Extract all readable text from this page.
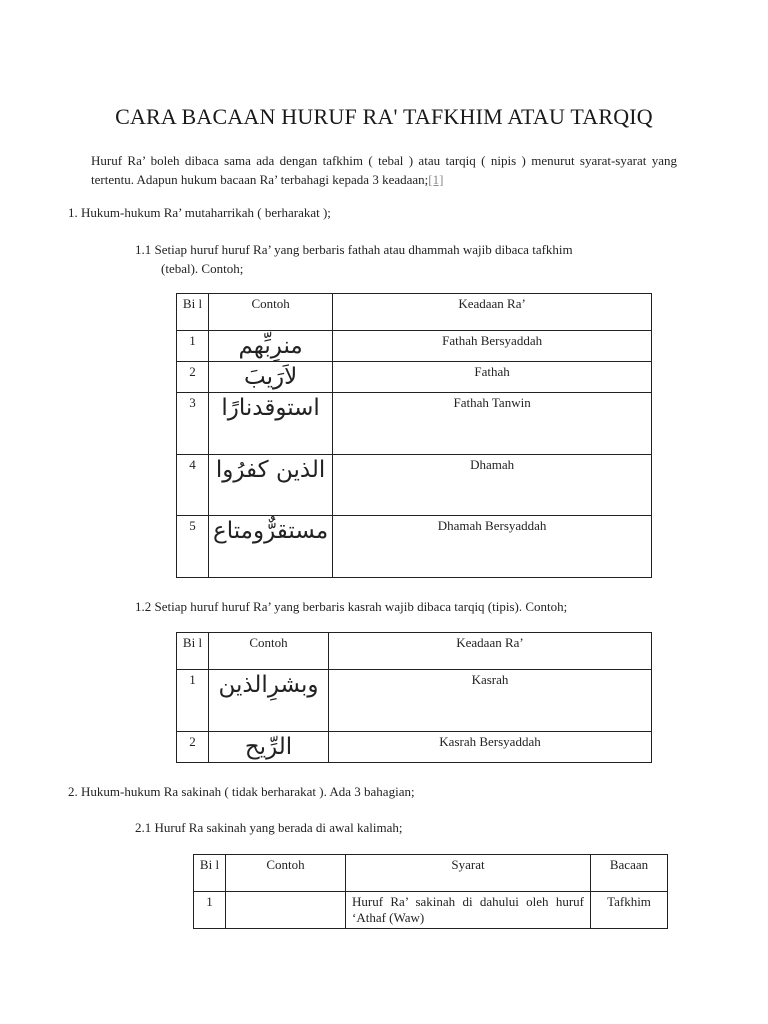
CARA BACAAN HURUF RA' TAFKHIM ATAU TARQIQ
Huruf Ra’ boleh dibaca sama ada dengan tafkhim ( tebal ) atau tarqiq ( nipis ) menurut syarat-syarat yang tertentu. Adapun hukum bacaan Ra’ terbahagi kepada 3 keadaan;[1]
1. Hukum-hukum Ra’ mutaharrikah ( berharakat );
1.1 Setiap huruf huruf Ra’ yang berbaris fathah atau dhammah wajib dibaca tafkhim
(tebal). Contoh;
Bi l	Contoh	Keadaan Ra’
1	منرِبِّهم	Fathah Bersyaddah
2	لاَرَيبَ	Fathah
3	استوقدنارًا	Fathah Tanwin
4	الذين كفرُوا	Dhamah
5	مستقرٌّومتاع	Dhamah Bersyaddah
1.2 Setiap huruf huruf Ra’ yang berbaris kasrah wajib dibaca tarqiq (tipis). Contoh;
Bi l	Contoh	Keadaan Ra’
1	وبشرِالذين	Kasrah
2	الرِّيح	Kasrah Bersyaddah
2. Hukum-hukum Ra sakinah ( tidak berharakat ). Ada 3 bahagian;
2.1 Huruf Ra sakinah yang berada di awal kalimah;
Bi l	Contoh	Syarat	Bacaan
1		Huruf Ra’ sakinah di dahului oleh huruf ‘Athaf (Waw)	Tafkhim
